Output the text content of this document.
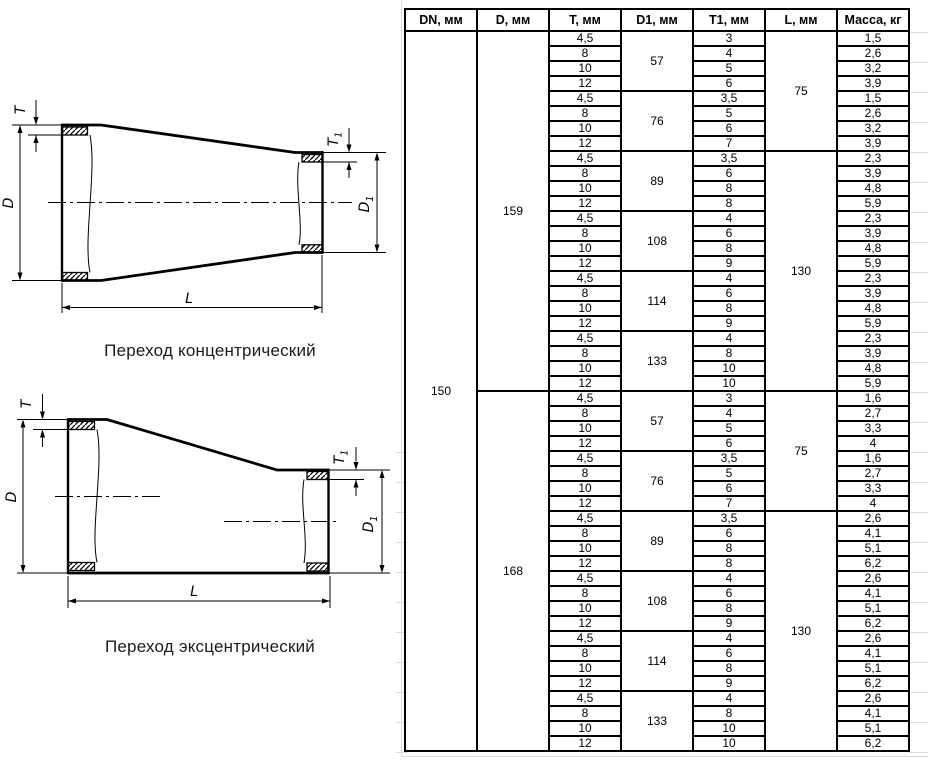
T
D
$T_1$
$D_1$
L
Переход концентрический
T
D
$T_1$
$D_1$
L
Переход эксцентрический
DN, мм	D, мм	T, мм	D1, мм	T1, мм	L, мм	Масса, кг
150	159	4,5	57	3	75	1,5
		8		4		2,6
		10		5		3,2
		12		6		3,9
		4,5	76	3,5		1,5
		8		5		2,6
		10		6		3,2
		12		7		3,9
		4,5	89	3,5	130	2,3
		8		6		3,9
		10		8		4,8
		12		8		5,9
		4,5	108	4		2,3
		8		6		3,9
		10		8		4,8
		12		9		5,9
		4,5	114	4		2,3
		8		6		3,9
		10		8		4,8
		12		9		5,9
		4,5	133	4		2,3
		8		8		3,9
		10		10		4,8
		12		10		5,9
	168	4,5	57	3	75	1,6
		8		4		2,7
		10		5		3,3
		12		6		4
		4,5	76	3,5		1,6
		8		5		2,7
		10		6		3,3
		12		7		4
		4,5	89	3,5	130	2,6
		8		6		4,1
		10		8		5,1
		12		8		6,2
		4,5	108	4		2,6
		8		6		4,1
		10		8		5,1
		12		9		6,2
		4,5	114	4		2,6
		8		6		4,1
		10		8		5,1
		12		9		6,2
		4,5	133	4		2,6
		8		8		4,1
		10		10		5,1
		12		10		6,2
